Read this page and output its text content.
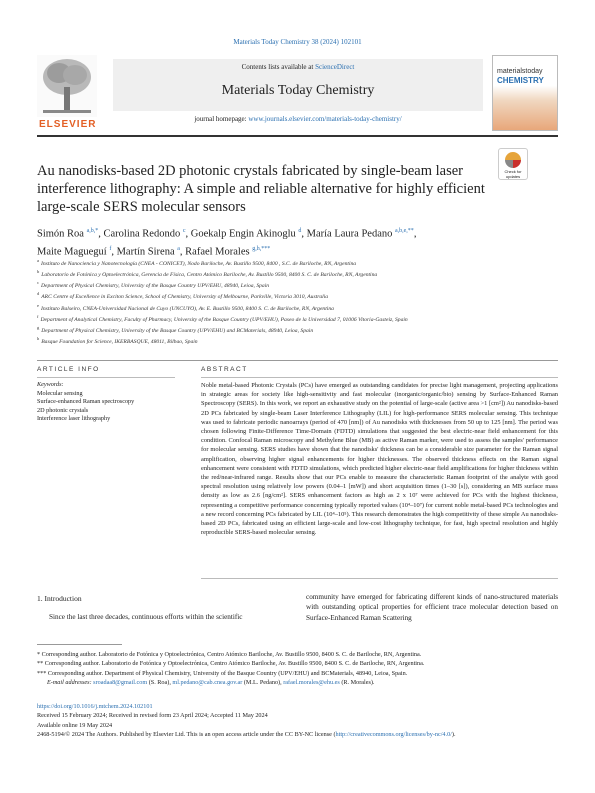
Materials Today Chemistry 38 (2024) 102101
ELSEVIER
Contents lists available at ScienceDirect
Materials Today Chemistry
journal homepage: www.journals.elsevier.com/materials-today-chemistry/
materialstoday
CHEMISTRY
Au nanodisks-based 2D photonic crystals fabricated by single-beam laser interference lithography: A simple and reliable alternative for highly efficient large-scale SERS molecular sensors
Check for updates
Simón Roa $^{a,b,*}$, Carolina Redondo $^c$, Goekalp Engin Akinoglu $^d$, María Laura Pedano $^{a,b,e,**}$,
Maite Magueguí $^f$, Martín Sirena $^a$, Rafael Morales $^{g,h,***}$
$^a$Instituto de Nanociencia y Nanotecnología (CNEA - CONICET), Nodo Bariloche, Av. Bustillo 9500, 8400 , S.C. de Bariloche, RN, Argentina
$^b$Laboratorio de Fotónica y Optoelectrónica, Gerencia de Física, Centro Atómico Bariloche, Av. Bustillo 9500, 8400 S. C. de Bariloche, RN, Argentina
$^c$Department of Physical Chemistry, University of the Basque Country UPV/EHU, 48940, Leioa, Spain
$^d$ARC Centre of Excellence in Exciton Science, School of Chemistry, University of Melbourne, Parkville, Victoria 3010, Australia
$^e$Instituto Balseiro, CNEA-Universidad Nacional de Cuyo (UNCUYO), Av. E. Bustillo 9500, 8400 S. C. de Bariloche, RN, Argentina
$^f$Department of Analytical Chemistry, Faculty of Pharmacy, University of the Basque Country (UPV/EHU), Paseo de la Universidad 7, 01006 Vitoria-Gasteiz, Spain
$^g$Department of Physical Chemistry, University of the Basque Country (UPV/EHU) and BCMaterials, 48940, Leioa, Spain
$^h$Basque Foundation for Science, IKERBASQUE, 48011, Bilbao, Spain
ARTICLE INFO	ABSTRACT
Keywords:
Molecular sensing
Surface-enhanced Raman spectroscopy
2D photonic crystals
Interference laser lithography
Noble metal-based Photonic Crystals (PCs) have emerged as outstanding candidates for precise light management, projecting applications in strategic areas for society like high-sensitivity and fast molecular (inorganic/organic/bio) sensing by Surface-Enhanced Raman Spectroscopy (SERS). In this work, we report an exhaustive study on the potential of large-scale (active area >1 [cm²]) Au nanodisks-based 2D PCs fabricated by single-beam Laser Interference Lithography (LIL) for high-performance SERS molecular sensing. This technique was used to fabricate periodic nanoarrays (period of 470 [nm]) of Au nanodisks with thicknesses from 50 up to 125 [nm]. The period was chosen following Finite-Difference Time-Domain (FDTD) simulations that suggested the best electric-near field enhancement for this condition. Confocal Raman microscopy and Methylene Blue (MB) as active Raman marker, were used to assess the samples' performance for molecular sensing. SERS studies have shown that the nanodisks' thickness can be a considerable size parameter for the Raman signal amplification, observing higher signal enhancements for higher thicknesses. The observed thickness effects on the Raman signal enhancement were consistent with FDTD simulations, which predicted higher electric-near field amplifications for higher thickness within the red/near-infrared range. Results show that our PCs enable to measure the characteristic Raman footprint of the analyte with good spectral resolution using relatively low powers (0.04–1 [mW]) and short acquisition times (1–30 [s]), considering an MB surface mass density as low as 2.6 [ng/cm²]. SERS enhancement factors as high as 2 x 10⁷ were achieved for PCs with the highest thickness, representing a competitive performance concerning typically reported values (10⁴–10⁷) for current noble metal-based PCs technologies and a new record concerning PCs fabricated by LIL (10⁴–10⁵). This research demonstrates the high competitivity of these simple Au nanodisks-based 2D PCs, fabricated using an efficient large-scale and low-cost lithography technique, for fast, high spectral resolution and highly reproducible SERS-based molecular sensing.
1. Introduction
Since the last three decades, continuous efforts within the scientific
community have emerged for fabricating different kinds of nano-structured materials with outstanding optical properties for efficient trace molecular detection based on Surface-Enhanced Raman Scattering
* Corresponding author. Laboratorio de Fotónica y Optoelectrónica, Centro Atómico Bariloche, Av. Bustillo 9500, 8400 S. C. de Bariloche, RN, Argentina.
** Corresponding author. Laboratorio de Fotónica y Optoelectrónica, Centro Atómico Bariloche, Av. Bustillo 9500, 8400 S. C. de Bariloche, RN, Argentina.
*** Corresponding author. Department of Physical Chemistry, University of the Basque Country (UPV/EHU) and BCMaterials, 48940, Leioa, Spain.
E-mail addresses: sroadaa8@gmail.com (S. Roa), ml.pedano@cab.cnea.gov.ar (M.L. Pedano), rafael.morales@ehu.es (R. Morales).
https://doi.org/10.1016/j.mtchem.2024.102101
Received 15 February 2024; Received in revised form 23 April 2024; Accepted 11 May 2024
Available online 19 May 2024
2468-5194/© 2024 The Authors. Published by Elsevier Ltd. This is an open access article under the CC BY-NC license (http://creativecommons.org/licenses/by-nc/4.0/).
